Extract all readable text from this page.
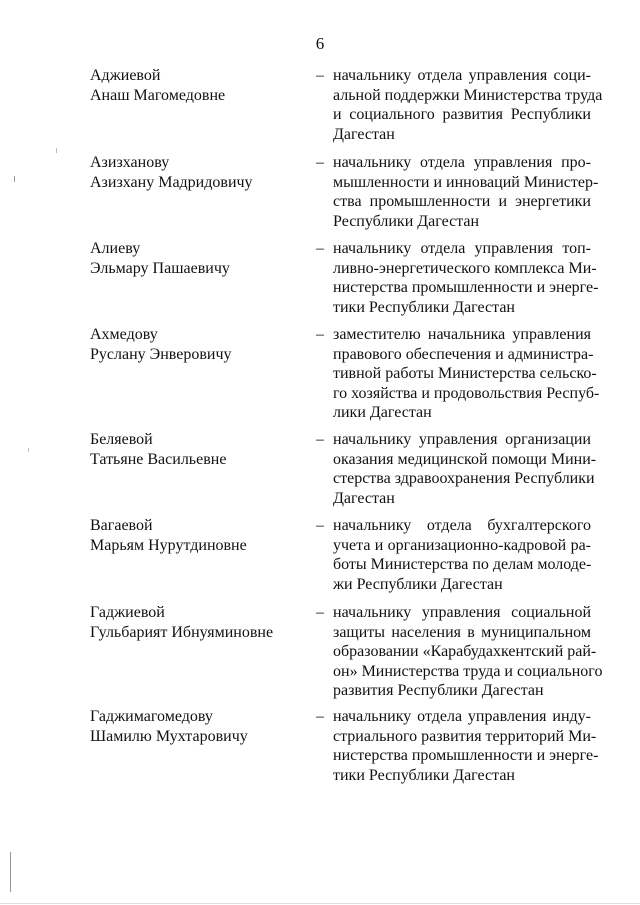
6
Аджиевой
Анаш Магомедовне
– начальнику отдела управления соци-
альной поддержки Министерства труда
и социального развития Республики
Дагестан
Азизханову
Азизхану Мадридовичу
– начальнику отдела управления про-
мышленности и инноваций Министер-
ства промышленности и энергетики
Республики Дагестан
Алиеву
Эльмару Пашаевичу
– начальнику отдела управления топ-
ливно-энергетического комплекса Ми-
нистерства промышленности и энерге-
тики Республики Дагестан
Ахмедову
Руслану Энверовичу
– заместителю начальника управления
правового обеспечения и администра-
тивной работы Министерства сельско-
го хозяйства и продовольствия Респуб-
лики Дагестан
Беляевой
Татьяне Васильевне
– начальнику управления организации
оказания медицинской помощи Мини-
стерства здравоохранения Республики
Дагестан
Вагаевой
Марьям Нурутдиновне
– начальнику отдела бухгалтерского
учета и организационно-кадровой ра-
боты Министерства по делам молоде-
жи Республики Дагестан
Гаджиевой
Гульбарият Ибнуяминовне
– начальнику управления социальной
защиты населения в муниципальном
образовании «Карабудахкентский рай-
он» Министерства труда и социального
развития Республики Дагестан
Гаджимагомедову
Шамилю Мухтаровичу
– начальнику отдела управления инду-
стриального развития территорий Ми-
нистерства промышленности и энерге-
тики Республики Дагестан
